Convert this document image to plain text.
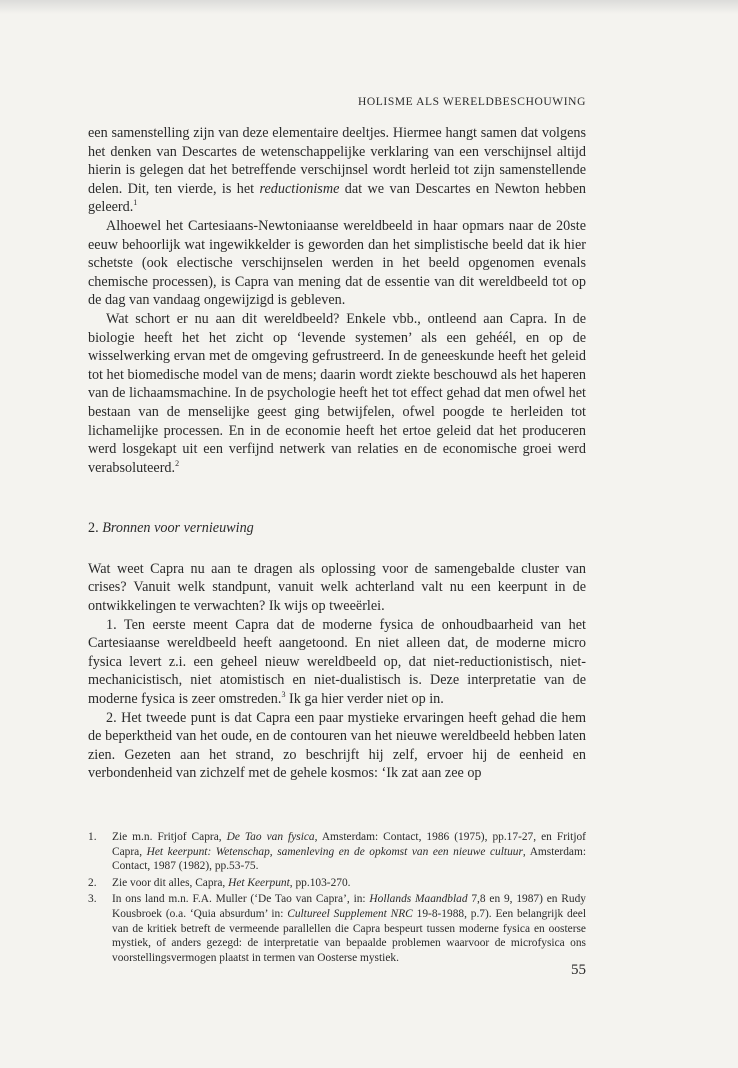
HOLISME ALS WERELDBESCHOUWING

een samenstelling zijn van deze elementaire deeltjes. Hiermee hangt samen dat volgens het denken van Descartes de wetenschappelijke verklaring van een verschijnsel altijd hierin is gelegen dat het betreffende verschijnsel wordt herleid tot zijn samenstellende delen. Dit, ten vierde, is het reductionisme dat we van Descartes en Newton hebben geleerd.$^1$

Alhoewel het Cartesiaans-Newtoniaanse wereldbeeld in haar opmars naar de 20ste eeuw behoorlijk wat ingewikkelder is geworden dan het simplistische beeld dat ik hier schetste (ook electische verschijnselen werden in het beeld opgenomen evenals chemische processen), is Capra van mening dat de essentie van dit wereldbeeld tot op de dag van vandaag ongewijzigd is gebleven.

Wat schort er nu aan dit wereldbeeld? Enkele vbb., ontleend aan Capra. In de biologie heeft het het zicht op ‘levende systemen’ als een gehéél, en op de wisselwerking ervan met de omgeving gefrustreerd. In de geneeskunde heeft het geleid tot het biomedische model van de mens; daarin wordt ziekte beschouwd als het haperen van de lichaamsmachine. In de psychologie heeft het tot effect gehad dat men ofwel het bestaan van de menselijke geest ging betwijfelen, ofwel poogde te herleiden tot lichamelijke processen. En in de economie heeft het ertoe geleid dat het produceren werd losgekapt uit een verfijnd netwerk van relaties en de economische groei werd verabsoluteerd.$^2$

2. Bronnen voor vernieuwing

Wat weet Capra nu aan te dragen als oplossing voor de samengebalde cluster van crises? Vanuit welk standpunt, vanuit welk achterland valt nu een keerpunt in de ontwikkelingen te verwachten? Ik wijs op tweeërlei.

1. Ten eerste meent Capra dat de moderne fysica de onhoudbaarheid van het Cartesiaanse wereldbeeld heeft aangetoond. En niet alleen dat, de moderne micro fysica levert z.i. een geheel nieuw wereldbeeld op, dat niet-reductionistisch, niet-mechanicistisch, niet atomistisch en niet-dualistisch is. Deze interpretatie van de moderne fysica is zeer omstreden.$^3$ Ik ga hier verder niet op in.

2. Het tweede punt is dat Capra een paar mystieke ervaringen heeft gehad die hem de beperktheid van het oude, en de contouren van het nieuwe wereldbeeld hebben laten zien. Gezeten aan het strand, zo beschrijft hij zelf, ervoer hij de eenheid en verbondenheid van zichzelf met de gehele kosmos: ‘Ik zat aan zee op

1.	Zie m.n. Fritjof Capra, De Tao van fysica, Amsterdam: Contact, 1986 (1975), pp.17-27, en Fritjof Capra, Het keerpunt: Wetenschap, samenleving en de opkomst van een nieuwe cultuur, Amsterdam: Contact, 1987 (1982), pp.53-75.
2.	Zie voor dit alles, Capra, Het Keerpunt, pp.103-270.
3.	In ons land m.n. F.A. Muller (‘De Tao van Capra’, in: Hollands Maandblad 7,8 en 9, 1987) en Rudy Kousbroek (o.a. ‘Quia absurdum’ in: Cultureel Supplement NRC 19-8-1988, p.7). Een belangrijk deel van de kritiek betreft de vermeende parallellen die Capra bespeurt tussen moderne fysica en oosterse mystiek, of anders gezegd: de interpretatie van bepaalde problemen waarvoor de microfysica ons voorstellingsvermogen plaatst in termen van Oosterse mystiek.
55
